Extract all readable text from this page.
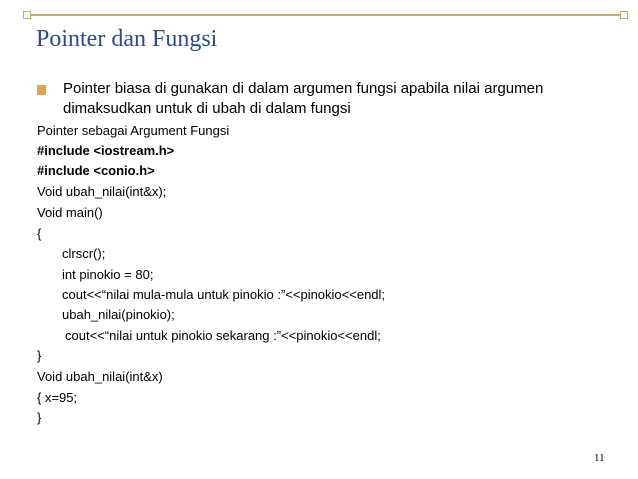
Pointer dan Fungsi
Pointer biasa di gunakan di dalam argumen fungsi apabila nilai argumen dimaksudkan untuk di ubah di dalam fungsi
Pointer sebagai Argument Fungsi
#include <iostream.h>
#include <conio.h>
Void ubah_nilai(int&x);
Void main()
{
clrscr();
int pinokio = 80;
cout<<“nilai mula-mula untuk pinokio :”<<pinokio<<endl;
ubah_nilai(pinokio);
cout<<“nilai untuk pinokio sekarang :”<<pinokio<<endl;
}
Void ubah_nilai(int&x)
{ x=95;
}
11
